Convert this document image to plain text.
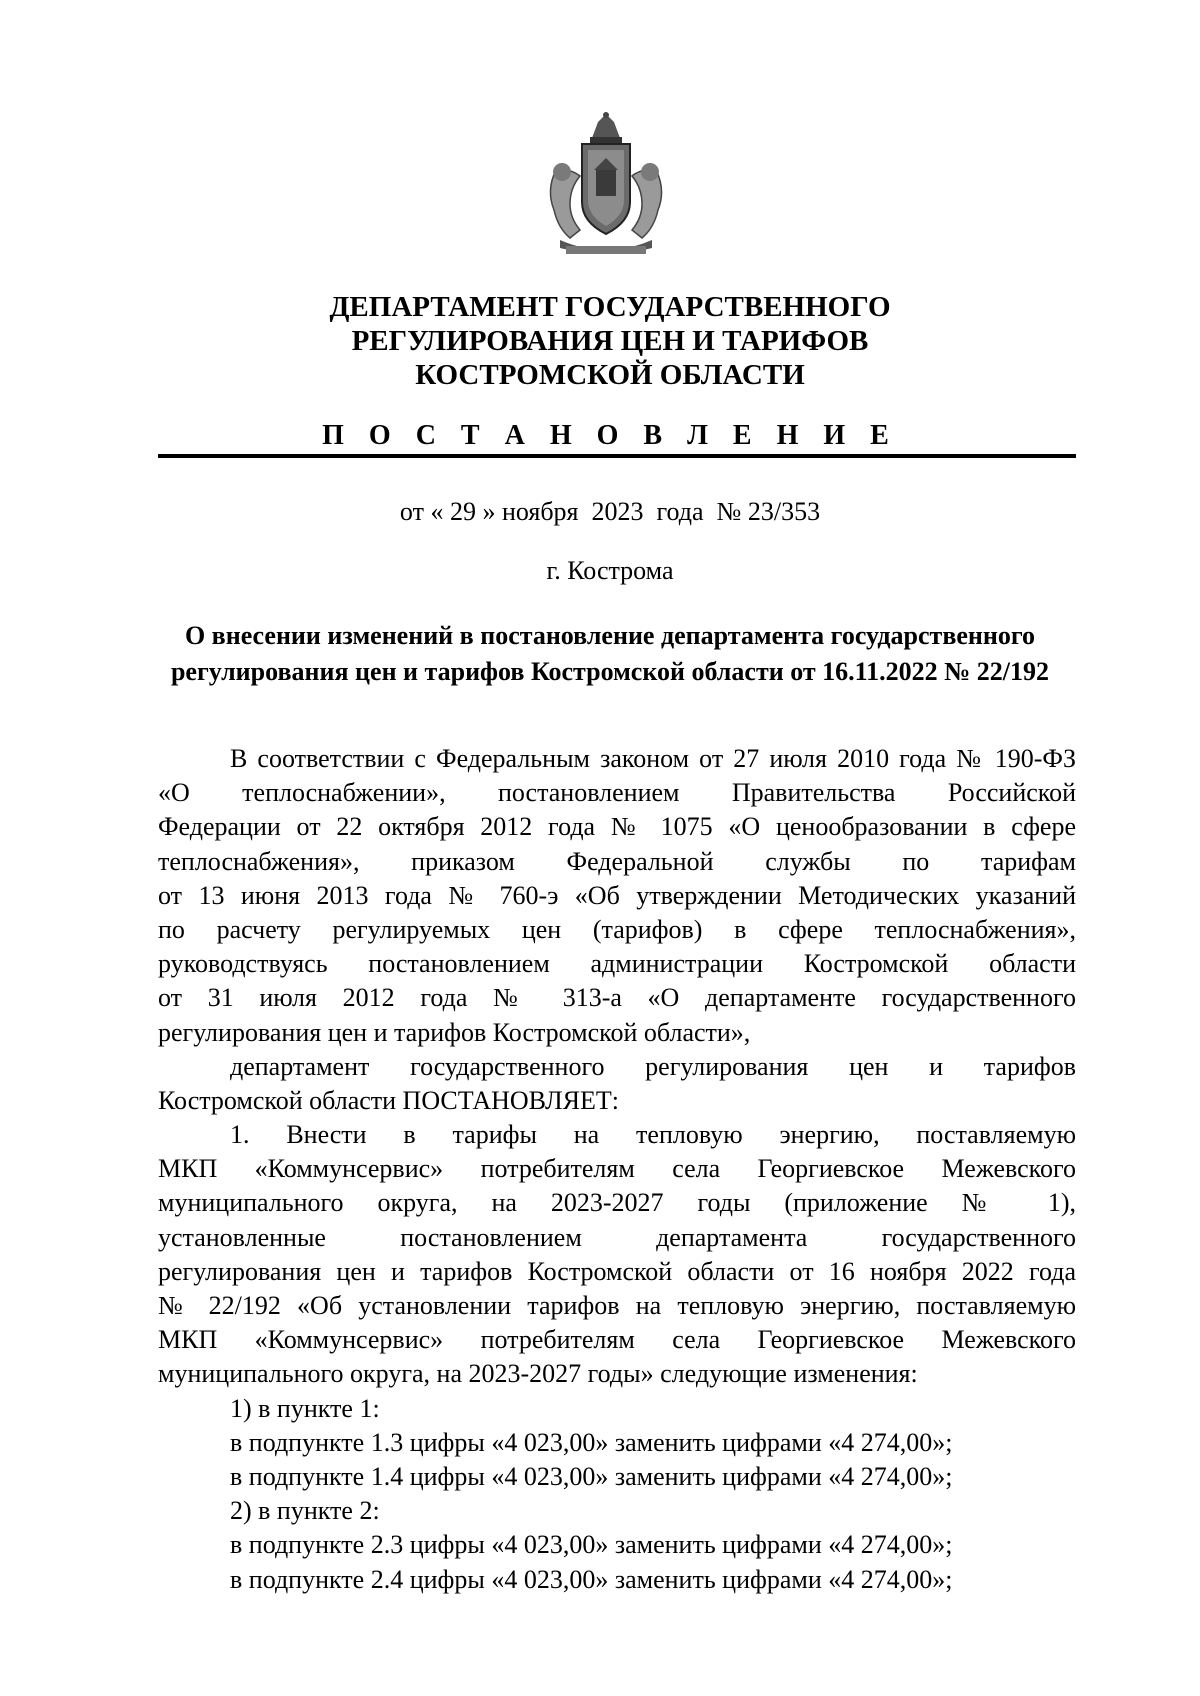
ДЕПАРТАМЕНТ ГОСУДАРСТВЕННОГО
РЕГУЛИРОВАНИЯ ЦЕН И ТАРИФОВ
КОСТРОМСКОЙ ОБЛАСТИ
П О С Т А Н О В Л Е Н И Е
от « 29 » ноября  2023  года  № 23/353
г. Кострома
О внесении изменений в постановление департамента государственного
регулирования цен и тарифов Костромской области от 16.11.2022 № 22/192
В соответствии с Федеральным законом от 27 июля 2010 года № 190-ФЗ
«О теплоснабжении», постановлением Правительства Российской
Федерации от 22 октября 2012 года № 1075 «О ценообразовании в сфере
теплоснабжения», приказом Федеральной службы по тарифам
от 13 июня 2013 года № 760-э «Об утверждении Методических указаний
по расчету регулируемых цен (тарифов) в сфере теплоснабжения»,
руководствуясь постановлением администрации Костромской области
от 31 июля 2012 года № 313-а «О департаменте государственного
регулирования цен и тарифов Костромской области»,
департамент государственного регулирования цен и тарифов
Костромской области ПОСТАНОВЛЯЕТ:
1. Внести в тарифы на тепловую энергию, поставляемую
МКП «Коммунсервис» потребителям села Георгиевское Межевского
муниципального округа, на 2023-2027 годы (приложение № 1),
установленные постановлением департамента государственного
регулирования цен и тарифов Костромской области от 16 ноября 2022 года
№ 22/192 «Об установлении тарифов на тепловую энергию, поставляемую
МКП «Коммунсервис» потребителям села Георгиевское Межевского
муниципального округа, на 2023-2027 годы» следующие изменения:
1) в пункте 1:
в подпункте 1.3 цифры «4 023,00» заменить цифрами «4 274,00»;
в подпункте 1.4 цифры «4 023,00» заменить цифрами «4 274,00»;
2) в пункте 2:
в подпункте 2.3 цифры «4 023,00» заменить цифрами «4 274,00»;
в подпункте 2.4 цифры «4 023,00» заменить цифрами «4 274,00»;
